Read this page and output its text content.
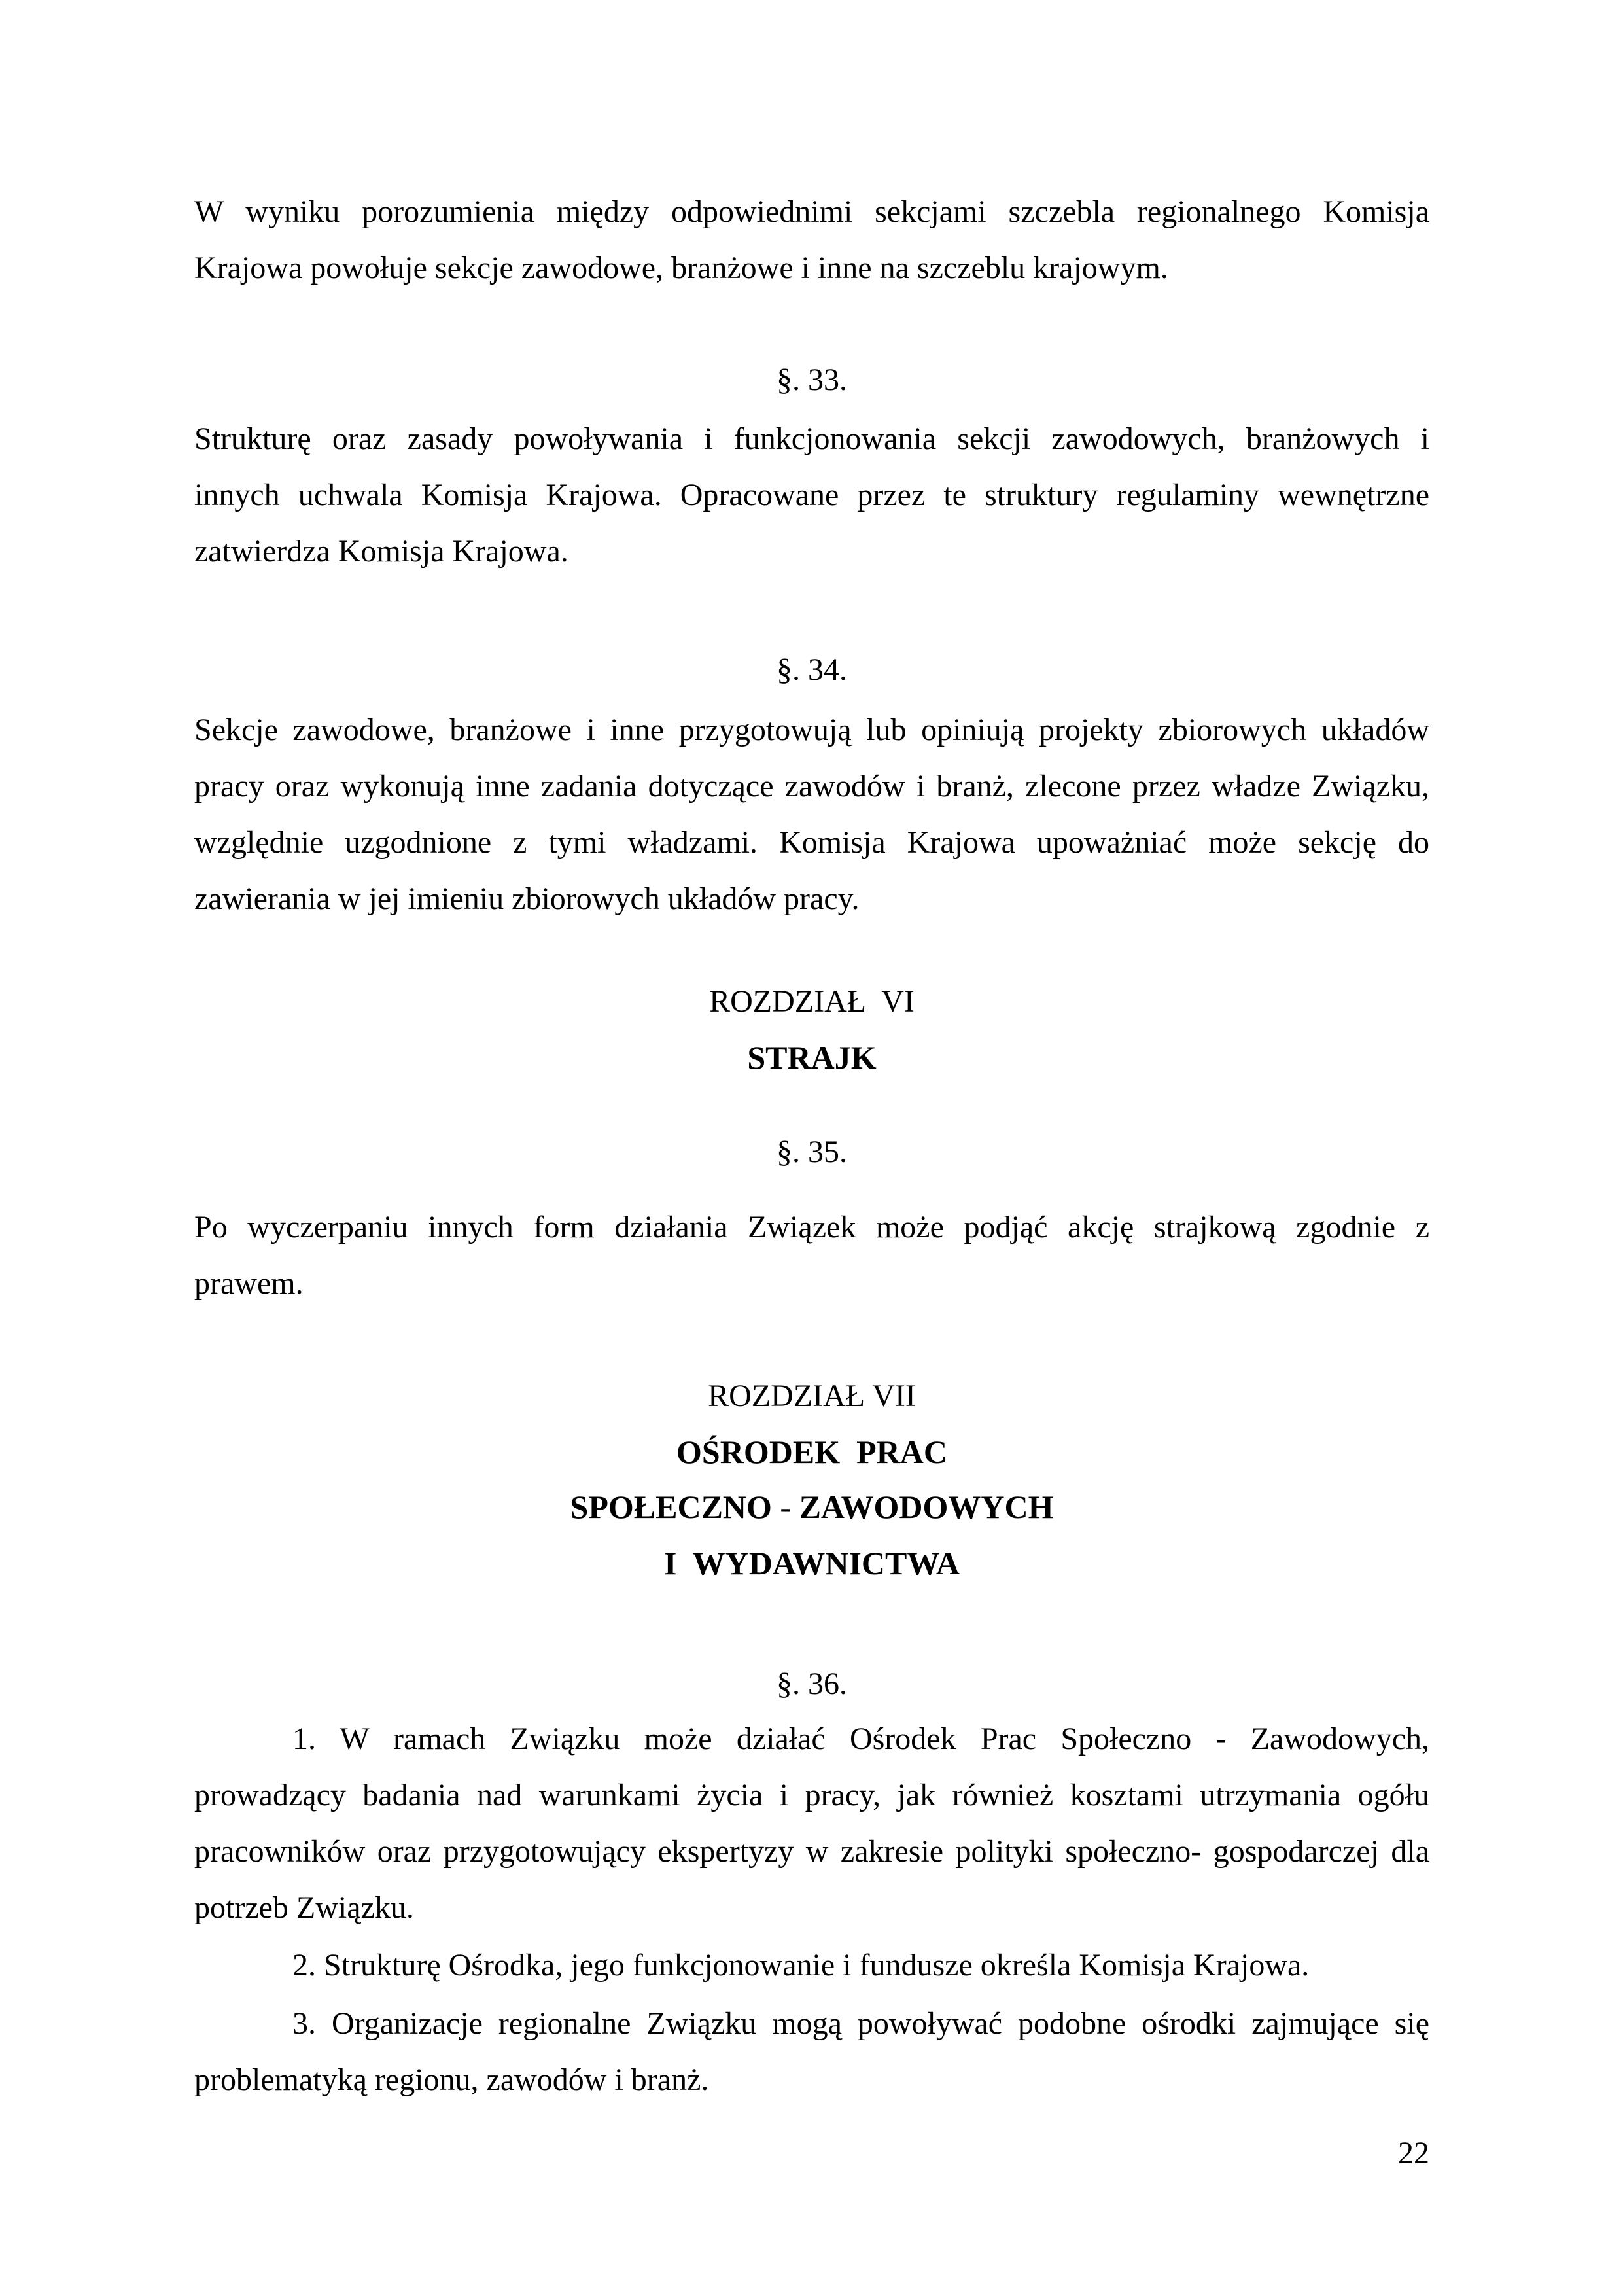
W wyniku porozumienia między odpowiednimi sekcjami szczebla regionalnego Komisja
Krajowa powołuje sekcje zawodowe, branżowe i inne na szczeblu krajowym.
§. 33.
Strukturę oraz zasady powoływania i funkcjonowania sekcji zawodowych, branżowych i
innych uchwala Komisja Krajowa. Opracowane przez te struktury regulaminy wewnętrzne
zatwierdza Komisja Krajowa.
§. 34.
Sekcje zawodowe, branżowe i inne przygotowują lub opiniują projekty zbiorowych układów
pracy oraz wykonują inne zadania dotyczące zawodów i branż, zlecone przez władze Związku,
względnie uzgodnione z tymi władzami. Komisja Krajowa upoważniać może sekcję do
zawierania w jej imieniu zbiorowych układów pracy.
ROZDZIAŁ  VI
STRAJK
§. 35.
Po wyczerpaniu innych form działania Związek może podjąć akcję strajkową zgodnie z
prawem.
ROZDZIAŁ VII
OŚRODEK  PRAC
SPOŁECZNO - ZAWODOWYCH
I  WYDAWNICTWA
§. 36.
1. W ramach Związku może działać Ośrodek Prac Społeczno - Zawodowych,
prowadzący badania nad warunkami życia i pracy, jak również kosztami utrzymania ogółu
pracowników oraz przygotowujący ekspertyzy w zakresie polityki społeczno- gospodarczej dla
potrzeb Związku.
2. Strukturę Ośrodka, jego funkcjonowanie i fundusze określa Komisja Krajowa.
3. Organizacje regionalne Związku mogą powoływać podobne ośrodki zajmujące się
problematyką regionu, zawodów i branż.
22
